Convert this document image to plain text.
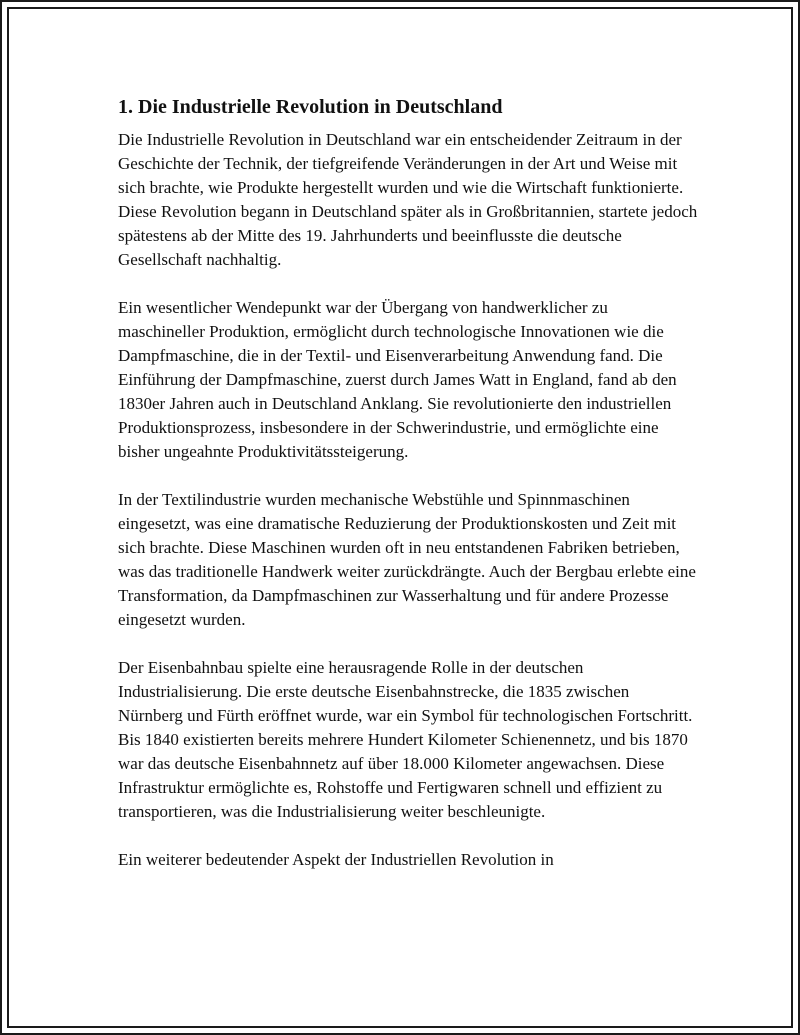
1. Die Industrielle Revolution in Deutschland

Die Industrielle Revolution in Deutschland war ein entscheidender Zeitraum in der Geschichte der Technik, der tiefgreifende Veränderungen in der Art und Weise mit sich brachte, wie Produkte hergestellt wurden und wie die Wirtschaft funktionierte. Diese Revolution begann in Deutschland später als in Großbritannien, startete jedoch spätestens ab der Mitte des 19. Jahrhunderts und beeinflusste die deutsche Gesellschaft nachhaltig.

Ein wesentlicher Wendepunkt war der Übergang von handwerklicher zu maschineller Produktion, ermöglicht durch technologische Innovationen wie die Dampfmaschine, die in der Textil- und Eisenverarbeitung Anwendung fand. Die Einführung der Dampfmaschine, zuerst durch James Watt in England, fand ab den 1830er Jahren auch in Deutschland Anklang. Sie revolutionierte den industriellen Produktionsprozess, insbesondere in der Schwerindustrie, und ermöglichte eine bisher ungeahnte Produktivitätssteigerung.

In der Textilindustrie wurden mechanische Webstühle und Spinnmaschinen eingesetzt, was eine dramatische Reduzierung der Produktionskosten und Zeit mit sich brachte. Diese Maschinen wurden oft in neu entstandenen Fabriken betrieben, was das traditionelle Handwerk weiter zurückdrängte. Auch der Bergbau erlebte eine Transformation, da Dampfmaschinen zur Wasserhaltung und für andere Prozesse eingesetzt wurden.

Der Eisenbahnbau spielte eine herausragende Rolle in der deutschen Industrialisierung. Die erste deutsche Eisenbahnstrecke, die 1835 zwischen Nürnberg und Fürth eröffnet wurde, war ein Symbol für technologischen Fortschritt. Bis 1840 existierten bereits mehrere Hundert Kilometer Schienennetz, und bis 1870 war das deutsche Eisenbahnnetz auf über 18.000 Kilometer angewachsen. Diese Infrastruktur ermöglichte es, Rohstoffe und Fertigwaren schnell und effizient zu transportieren, was die Industrialisierung weiter beschleunigte.

Ein weiterer bedeutender Aspekt der Industriellen Revolution in
